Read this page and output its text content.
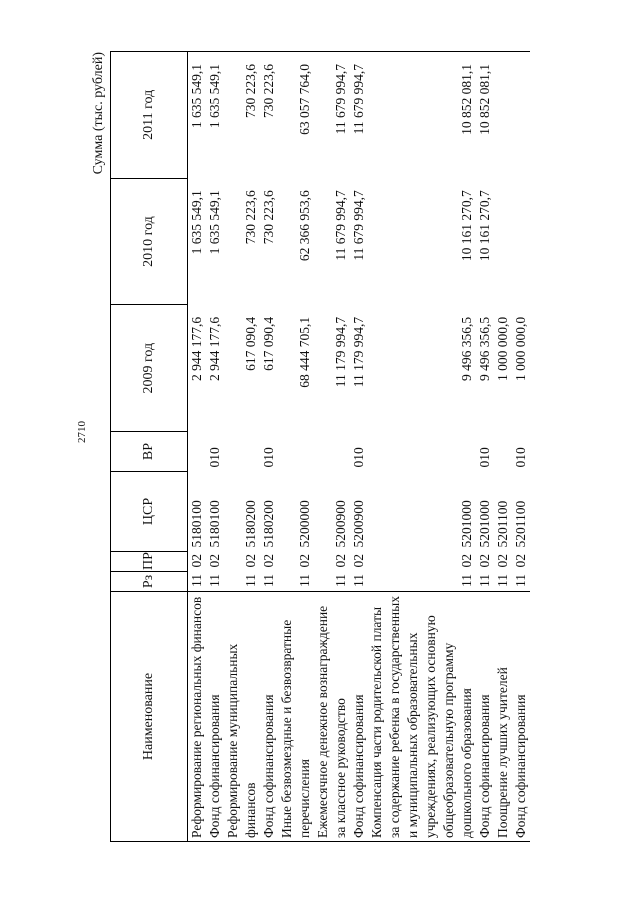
2710
Сумма (тыс. рублей)
Наименование	Рз	ПР	ЦСР	ВР	2009 год	2010 год	2011 год
Реформирование региональных финансов	11	02	5180100		2 944 177,6	1 635 549,1	1 635 549,1
Фонд софинансирования	11	02	5180100	010	2 944 177,6	1 635 549,1	1 635 549,1
Реформирование муниципальных финансов	11	02	5180200		617 090,4	730 223,6	730 223,6
Фонд софинансирования	11	02	5180200	010	617 090,4	730 223,6	730 223,6
Иные безвозмездные и безвозвратные перечисления	11	02	5200000		68 444 705,1	62 366 953,6	63 057 764,0
Ежемесячное денежное вознаграждение за классное руководство	11	02	5200900		11 179 994,7	11 679 994,7	11 679 994,7
Фонд софинансирования	11	02	5200900	010	11 179 994,7	11 679 994,7	11 679 994,7
Компенсация части родительской платы за содержание ребенка в государственных и муниципальных образовательных учреждениях, реализующих основную общеобразовательную программу дошкольного образования	11	02	5201000		9 496 356,5	10 161 270,7	10 852 081,1
Фонд софинансирования	11	02	5201000	010	9 496 356,5	10 161 270,7	10 852 081,1
Поощрение лучших учителей	11	02	5201100		1 000 000,0		
Фонд софинансирования	11	02	5201100	010	1 000 000,0		
